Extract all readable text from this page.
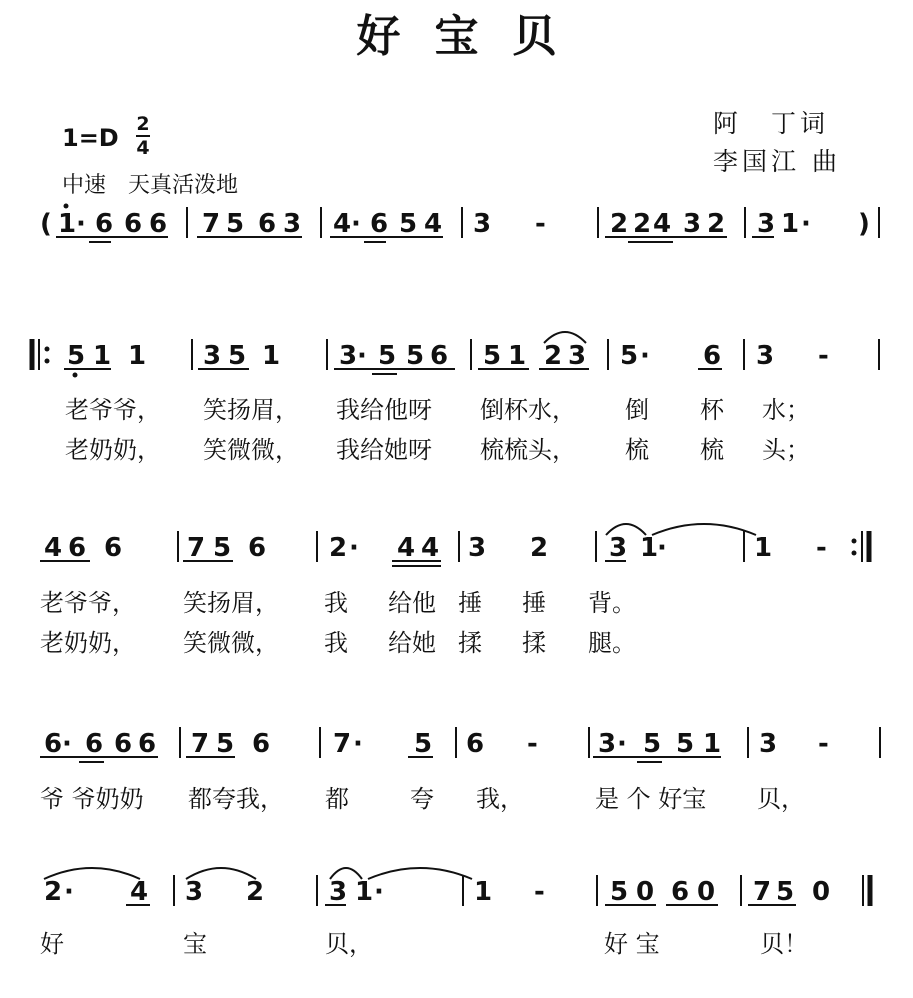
好宝贝
1=D 2
4
中速　天真活泼地
阿　丁词
李国江 曲
( 1 · 6 6 6 7 5 6 3 4 · 6 5 4 3 - 2 2 4 3 2 3 1 · )
5 1 1 3 5 1 3 · 5 5 6 5 1 2 3 5 · 6 3 -
老爷爷， 笑扬眉， 我给他呀 倒杯水， 倒 杯 水；
老奶奶， 笑微微， 我给她呀 梳梳头， 梳 梳 头；
4 6 6 7 5 6 2 · 4 4 3 2 3 1
·	1 -
老爷爷， 笑扬眉， 我 给他 捶 捶 背。
老奶奶， 笑微微， 我 给她 揉 揉 腿。
6 · 6 6 6 7 5 6 7 · 5 6 - 3 · 5 5 1 3 -
爷 爷奶奶 都夸我， 都	夸 我，	是 个 好宝 贝，
2 · 4 3 2 3 1 ·	1 -	5 0 6 0 7 5 0
好	宝	贝，	好 宝	贝！
